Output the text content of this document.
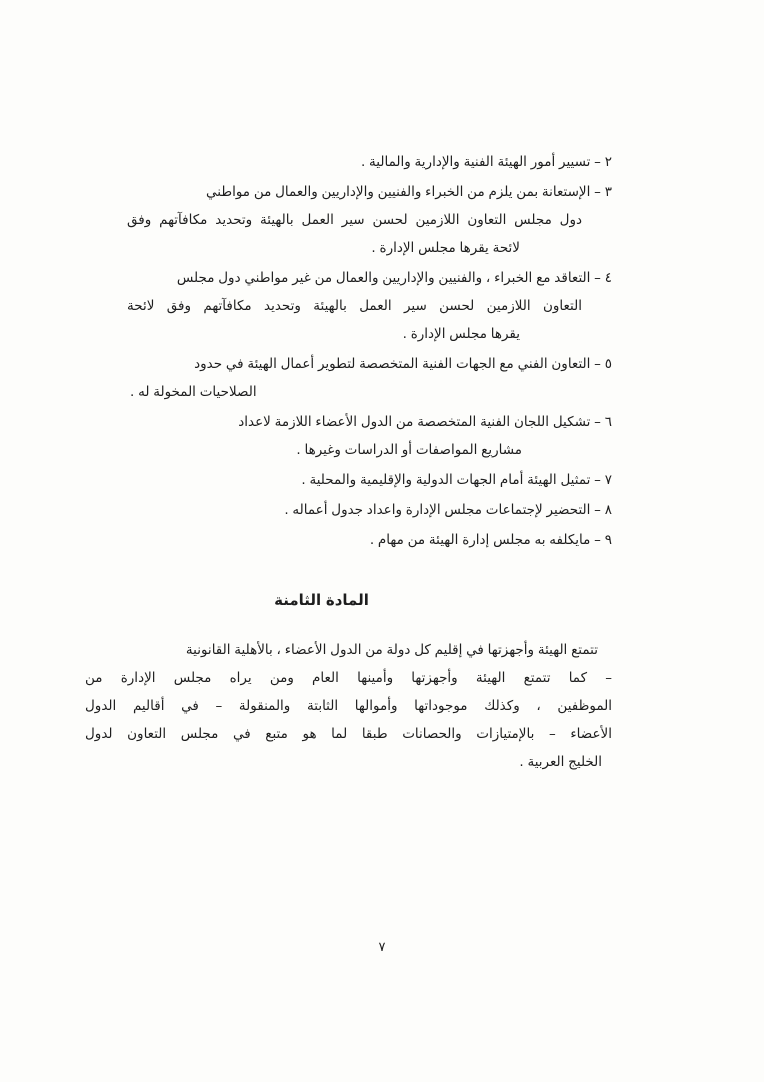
٢ – تسيير أمور الهيئة الفنية والإدارية والمالية .
٣ – الإستعانة بمن يلزم من الخبراء والفنيين والإداريين والعمال من مواطني
دول مجلس التعاون اللازمين لحسن سير العمل بالهيئة وتحديد مكافآتهم وفق
لائحة يقرها مجلس الإدارة .
٤ – التعاقد مع الخبراء ، والفنيين والإداريين والعمال من غير مواطني دول مجلس
التعاون اللازمين لحسن سير العمل بالهيئة وتحديد مكافآتهم وفق لائحة
يقرها مجلس الإدارة .
٥ – التعاون الفني مع الجهات الفنية المتخصصة لتطوير أعمال الهيئة في حدود
الصلاحيات المخولة له .
٦ – تشكيل اللجان الفنية المتخصصة من الدول الأعضاء اللازمة لاعداد
مشاريع المواصفات أو الدراسات وغيرها .
٧ – تمثيل الهيئة أمام الجهات الدولية والإقليمية والمحلية .
٨ – التحضير لإجتماعات مجلس الإدارة واعداد جدول أعماله .
٩ – مايكلفه به مجلس إدارة الهيئة من مهام .
المادة الثامنة
تتمتع الهيئة وأجهزتها في إقليم كل دولة من الدول الأعضاء ، بالأهلية القانونية
– كما تتمتع الهيئة وأجهزتها وأمينها العام ومن يراه مجلس الإدارة من
الموظفين ، وكذلك موجوداتها وأموالها الثابتة والمنقولة – في أقاليم الدول
الأعضاء – بالإمتيازات والحصانات طبقا لما هو متبع في مجلس التعاون لدول
الخليج العربية .
٧
